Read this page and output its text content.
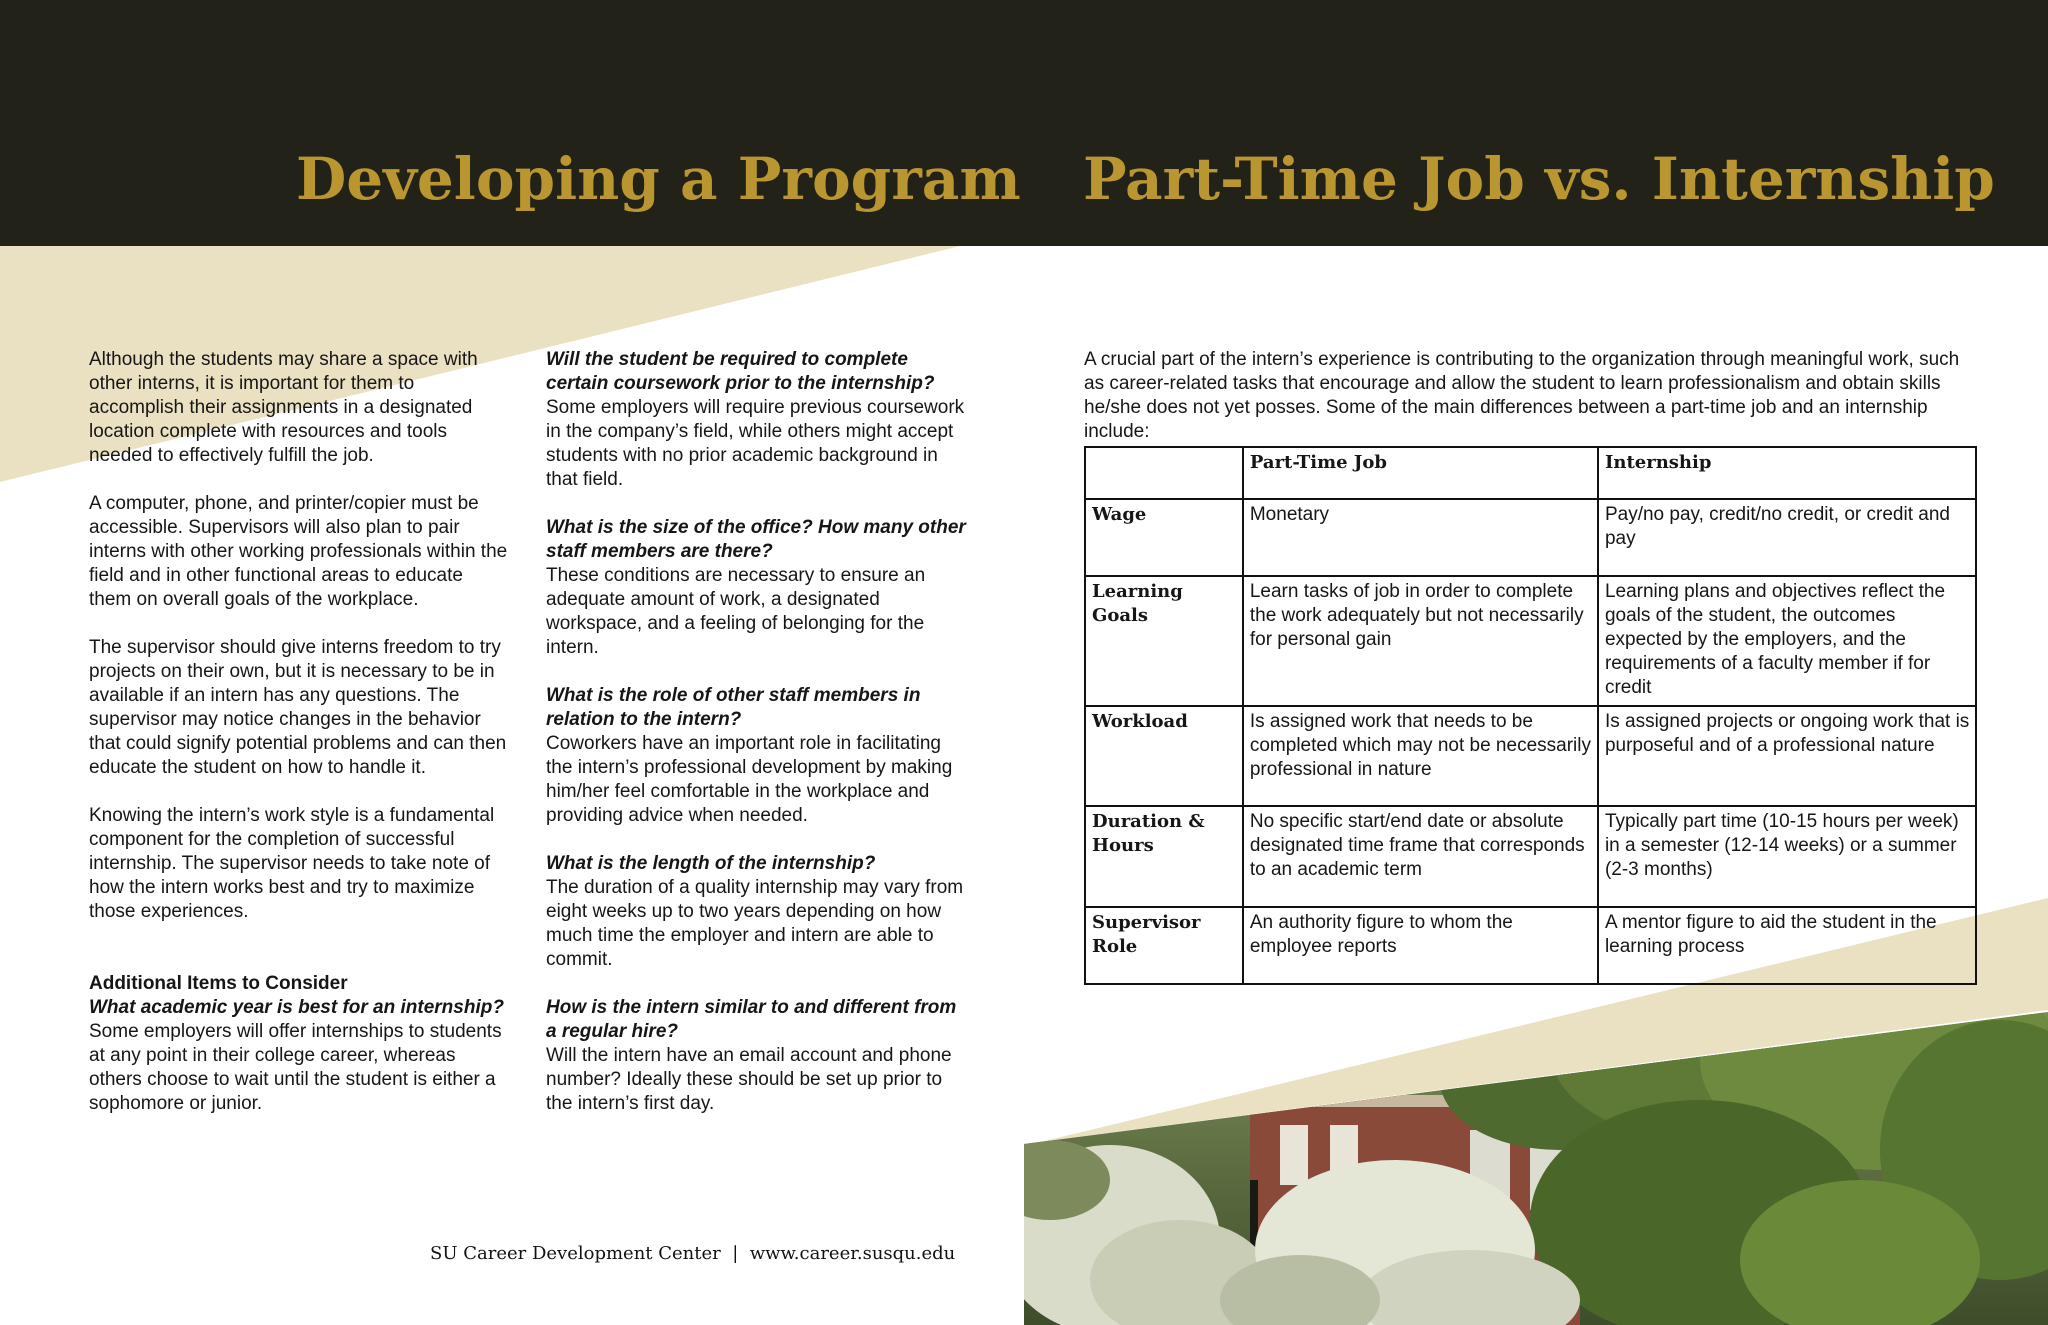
Developing a Program Part-Time Job vs. Internship

Although the students may share a space with other interns, it is important for them to accomplish their assignments in a designated location complete with resources and tools needed to effectively fulfill the job.

A computer, phone, and printer/copier must be accessible. Supervisors will also plan to pair interns with other working professionals within the field and in other functional areas to educate them on overall goals of the workplace.

The supervisor should give interns freedom to try projects on their own, but it is necessary to be in available if an intern has any questions. The supervisor may notice changes in the behavior that could signify potential problems and can then educate the student on how to handle it.

Knowing the intern’s work style is a fundamental component for the completion of successful internship. The supervisor needs to take note of how the intern works best and try to maximize those experiences.

Additional Items to Consider
What academic year is best for an internship?
Some employers will offer internships to students at any point in their college career, whereas others choose to wait until the student is either a sophomore or junior.
Will the student be required to complete certain coursework prior to the internship?

Some employers will require previous coursework in the company’s field, while others might accept students with no prior academic background in that field.

What is the size of the office? How many other staff members are there?

These conditions are necessary to ensure an adequate amount of work, a designated workspace, and a feeling of belonging for the intern.

What is the role of other staff members in relation to the intern?

Coworkers have an important role in facilitating the intern’s professional development by making him/her feel comfortable in the workplace and providing advice when needed.

What is the length of the internship?

The duration of a quality internship may vary from eight weeks up to two years depending on how much time the employer and intern are able to commit.

How is the intern similar to and different from a regular hire?

Will the intern have an email account and phone number? Ideally these should be set up prior to the intern’s first day.

A crucial part of the intern’s experience is contributing to the organization through meaningful work, such as career-related tasks that encourage and allow the student to learn professionalism and obtain skills he/she does not yet posses. Some of the main differences between a part-time job and an internship include:
	Part-Time Job	Internship
Wage	Monetary	Pay/no pay, credit/no credit, or credit and pay
Learning Goals	Learn tasks of job in order to complete the work adequately but not necessarily for personal gain	Learning plans and objectives reflect the goals of the student, the outcomes expected by the employers, and the requirements of a faculty member if for credit
Workload	Is assigned work that needs to be completed which may not be necessarily professional in nature	Is assigned projects or ongoing work that is purposeful and of a professional nature
Duration & Hours	No specific start/end date or absolute designated time frame that corresponds to an academic term	Typically part time (10-15 hours per week) in a semester (12-14 weeks) or a summer (2-3 months)
Supervisor Role	An authority figure to whom the employee reports	A mentor figure to aid the student in the learning process
SU Career Development Center  |  www.career.susqu.edu
